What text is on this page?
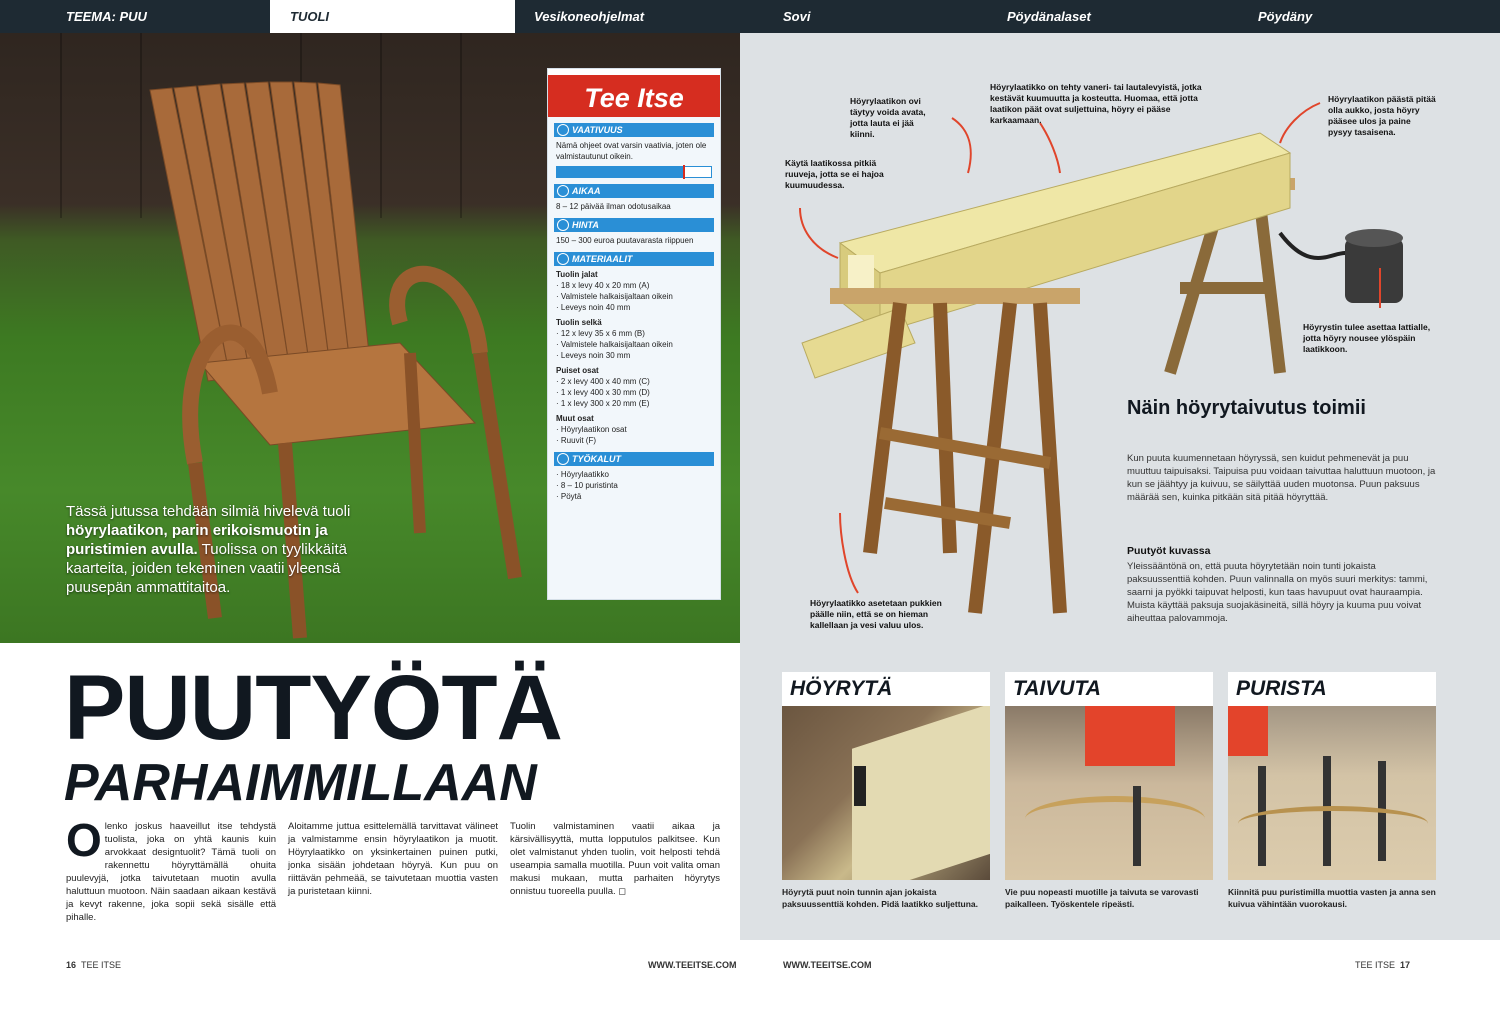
TEEMA: PUU	TUOLI	Vesikoneohjelmat	Sovi	Pöydänalaset	Pöydäny
Tässä jutussa tehdään silmiä hivelevä tuoli höyrylaatikon, parin erikoismuotin ja puristimien avulla. Tuolissa on tyylikkäitä kaarteita, joiden tekeminen vaatii yleensä puusepän ammattitaitoa.
Tee Itse
VAATIVUUS
Nämä ohjeet ovat varsin vaativia, joten ole valmistautunut oikein.
AIKAA
8 – 12 päivää ilman odotusaikaa
HINTA
150 – 300 euroa puutavarasta riippuen
MATERIAALIT
Tuolin jalat
· 18 x levy 40 x 20 mm (A)
· Valmistele halkaisijaltaan oikein
· Leveys noin 40 mm
Tuolin selkä
· 12 x levy 35 x 6 mm (B)
· Valmistele halkaisijaltaan oikein
· Leveys noin 30 mm
Puiset osat
· 2 x levy 400 x 40 mm (C)
· 1 x levy 400 x 30 mm (D)
· 1 x levy 300 x 20 mm (E)
Muut osat
· Höyrylaatikon osat
· Ruuvit (F)
TYÖKALUT
· Höyrylaatikko
· 8 – 10 puristinta
· Pöytä
PUUTYÖTÄ
PARHAIMMILLAAN
Olenko joskus haaveillut itse tehdystä tuolista, joka on yhtä kaunis kuin arvokkaat designtuolit? Tämä tuoli on rakennettu höyryttämällä ohuita puulevyjä, jotka taivutetaan muotin avulla haluttuun muotoon. Näin saadaan aikaan kestävä ja kevyt rakenne, joka sopii sekä sisälle että pihalle.
Aloitamme juttua esittelemällä tarvittavat välineet ja valmistamme ensin höyrylaatikon ja muotit. Höyrylaatikko on yksinkertainen puinen putki, jonka sisään johdetaan höyryä. Kun puu on riittävän pehmeää, se taivutetaan muottia vasten ja puristetaan kiinni.
Tuolin valmistaminen vaatii aikaa ja kärsivällisyyttä, mutta lopputulos palkitsee. Kun olet valmistanut yhden tuolin, voit helposti tehdä useampia samalla muotilla. Puun voit valita oman makusi mukaan, mutta parhaiten höyrytys onnistuu tuoreella puulla. ◻
16 TEE ITSE	WWW.TEEITSE.COM
Höyrylaatikon ovi täytyy voida avata, jotta lauta ei jää kiinni.
Käytä laatikossa pitkiä ruuveja, jotta se ei hajoa kuumuudessa.
Höyrylaatikko on tehty vaneri- tai lautalevyistä, jotka kestävät kuumuutta ja kosteutta. Huomaa, että jotta laatikon päät ovat suljettuina, höyry ei pääse karkaamaan.
Höyrylaatikon päästä pitää olla aukko, josta höyry pääsee ulos ja paine pysyy tasaisena.
Höyrystin tulee asettaa lattialle, jotta höyry nousee ylöspäin laatikkoon.
Höyrylaatikko asetetaan pukkien päälle niin, että se on hieman kallellaan ja vesi valuu ulos.
Näin höyrytaivutus toimii
Kun puuta kuumennetaan höyryssä, sen kuidut pehmenevät ja puu muuttuu taipuisaksi. Taipuisa puu voidaan taivuttaa haluttuun muotoon, ja kun se jäähtyy ja kuivuu, se säilyttää uuden muotonsa. Puun paksuus määrää sen, kuinka pitkään sitä pitää höyryttää.
Puutyöt kuvassa
Yleissääntönä on, että puuta höyrytetään noin tunti jokaista paksuussenttiä kohden. Puun valinnalla on myös suuri merkitys: tammi, saarni ja pyökki taipuvat helposti, kun taas havupuut ovat hauraampia. Muista käyttää paksuja suojakäsineitä, sillä höyry ja kuuma puu voivat aiheuttaa palovammoja.
HÖYRYTÄ
Höyrytä puut noin tunnin ajan jokaista paksuussenttiä kohden. Pidä laatikko suljettuna.
TAIVUTA
Vie puu nopeasti muotille ja taivuta se varovasti paikalleen. Työskentele ripeästi.
PURISTA
Kiinnitä puu puristimilla muottia vasten ja anna sen kuivua vähintään vuorokausi.
WWW.TEEITSE.COM	TEE ITSE 17
